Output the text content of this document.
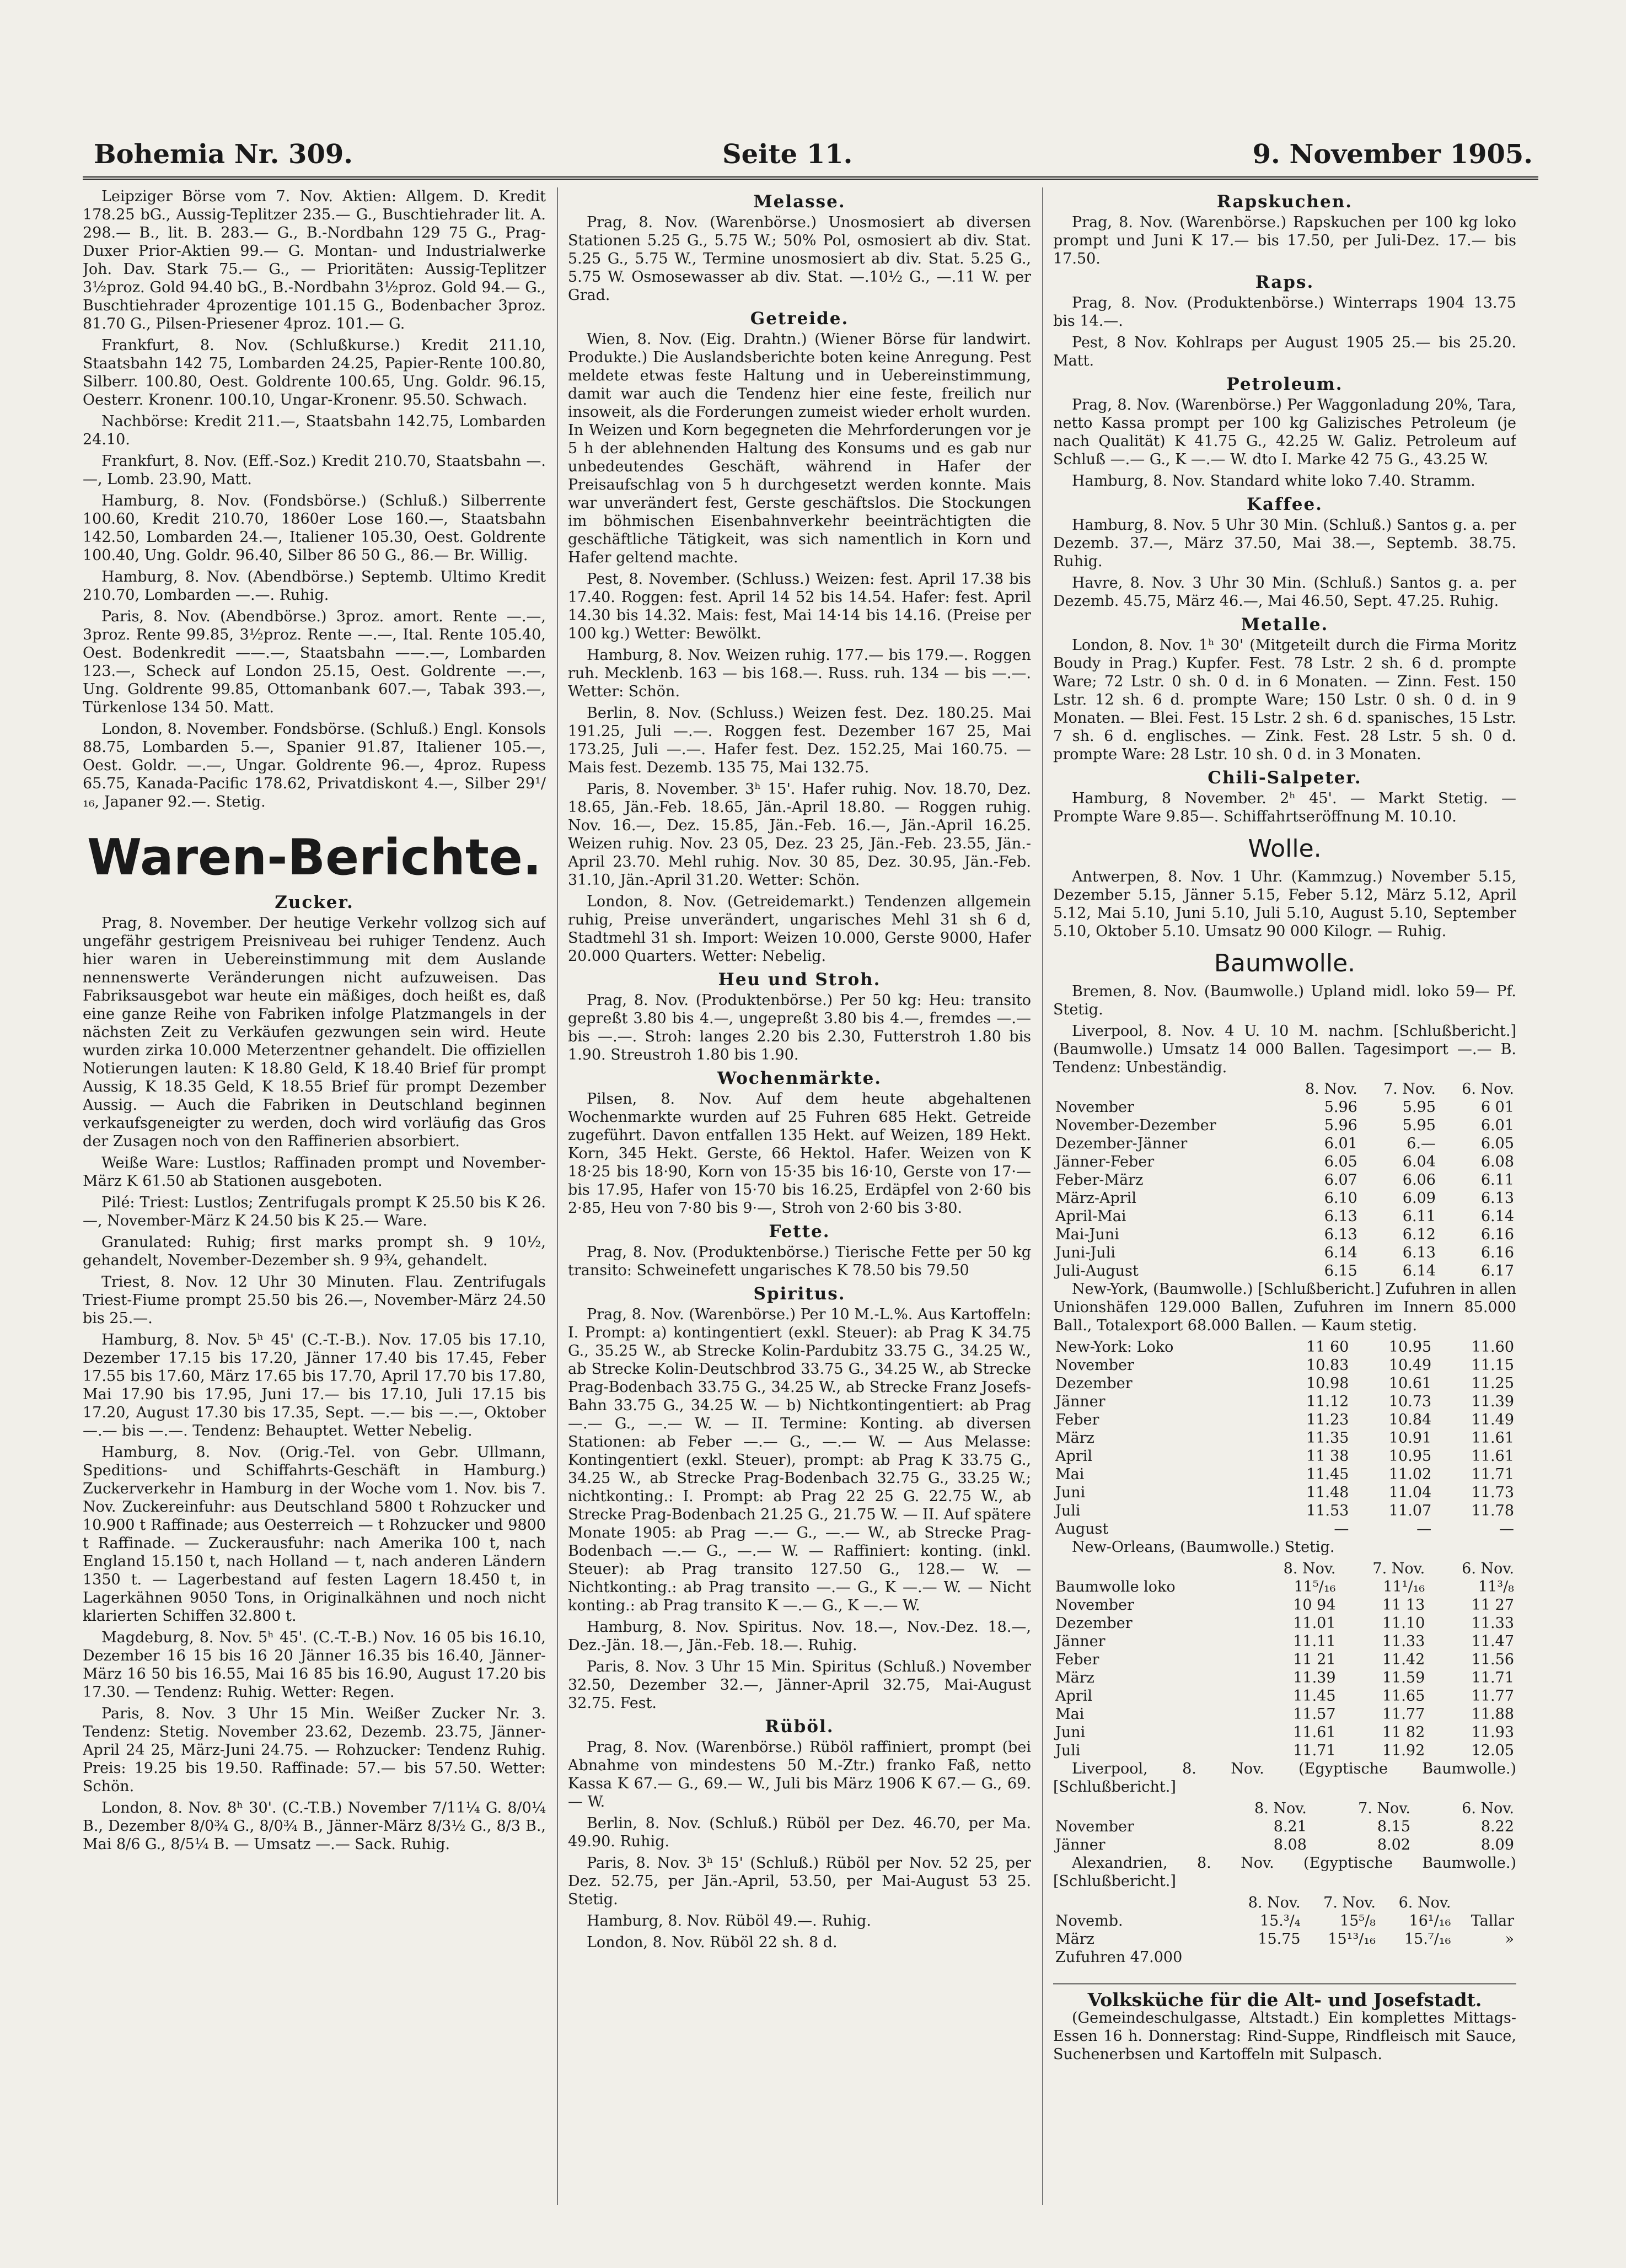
Bohemia Nr. 309.	Seite 11.	9. November 1905.

Leipziger Börse vom 7. Nov. Aktien: Allgem. D. Kredit 178.25 bG., Aussig-Teplitzer 235.— G., Buschtiehrader lit. A. 298.— B., lit. B. 283.— G., B.-Nordbahn 129 75 G., Prag-Duxer Prior-Aktien 99.— G. Montan- und Industrialwerke Joh. Dav. Stark 75.— G., — Prioritäten: Aussig-Teplitzer 3½proz. Gold 94.40 bG., B.-Nordbahn 3½proz. Gold 94.— G., Buschtiehrader 4prozentige 101.15 G., Bodenbacher 3proz. 81.70 G., Pilsen-Priesener 4proz. 101.— G.

Frankfurt, 8. Nov. (Schlußkurse.) Kredit 211.10, Staatsbahn 142 75, Lombarden 24.25, Papier-Rente 100.80, Silberr. 100.80, Oest. Goldrente 100.65, Ung. Goldr. 96.15, Oesterr. Kronenr. 100.10, Ungar-Kronenr. 95.50. Schwach.

Nachbörse: Kredit 211.—, Staatsbahn 142.75, Lombarden 24.10.

Frankfurt, 8. Nov. (Eff.-Soz.) Kredit 210.70, Staatsbahn —.—, Lomb. 23.90, Matt.

Hamburg, 8. Nov. (Fondsbörse.) (Schluß.) Silberrente 100.60, Kredit 210.70, 1860er Lose 160.—, Staatsbahn 142.50, Lombarden 24.—, Italiener 105.30, Oest. Goldrente 100.40, Ung. Goldr. 96.40, Silber 86 50 G., 86.— Br. Willig.

Hamburg, 8. Nov. (Abendbörse.) Septemb. Ultimo Kredit 210.70, Lombarden —.—. Ruhig.

Paris, 8. Nov. (Abendbörse.) 3proz. amort. Rente —.—, 3proz. Rente 99.85, 3½proz. Rente —.—, Ital. Rente 105.40, Oest. Bodenkredit ——.—, Staatsbahn ——.—, Lombarden 123.—, Scheck auf London 25.15, Oest. Goldrente —.—, Ung. Goldrente 99.85, Ottomanbank 607.—, Tabak 393.—, Türkenlose 134 50. Matt.

London, 8. November. Fondsbörse. (Schluß.) Engl. Konsols 88.75, Lombarden 5.—, Spanier 91.87, Italiener 105.—, Oest. Goldr. —.—, Ungar. Goldrente 96.—, 4proz. Rupess 65.75, Kanada-Pacific 178.62, Privatdiskont 4.—, Silber 29¹/₁₆, Japaner 92.—. Stetig.

Waren-Berichte.
Zucker.

Prag, 8. November. Der heutige Verkehr vollzog sich auf ungefähr gestrigem Preisniveau bei ruhiger Tendenz. Auch hier waren in Uebereinstimmung mit dem Auslande nennenswerte Veränderungen nicht aufzuweisen. Das Fabriksausgebot war heute ein mäßiges, doch heißt es, daß eine ganze Reihe von Fabriken infolge Platzmangels in der nächsten Zeit zu Verkäufen gezwungen sein wird. Heute wurden zirka 10.000 Meterzentner gehandelt. Die offiziellen Notierungen lauten: K 18.80 Geld, K 18.40 Brief für prompt Aussig, K 18.35 Geld, K 18.55 Brief für prompt Dezember Aussig. — Auch die Fabriken in Deutschland beginnen verkaufsgeneigter zu werden, doch wird vorläufig das Gros der Zusagen noch von den Raffinerien absorbiert.

Weiße Ware: Lustlos; Raffinaden prompt und November-März K 61.50 ab Stationen ausgeboten.

Pilé: Triest: Lustlos; Zentrifugals prompt K 25.50 bis K 26.—, November-März K 24.50 bis K 25.— Ware.

Granulated: Ruhig; first marks prompt sh. 9 10½, gehandelt, November-Dezember sh. 9 9¾, gehandelt.

Triest, 8. Nov. 12 Uhr 30 Minuten. Flau. Zentrifugals Triest-Fiume prompt 25.50 bis 26.—, November-März 24.50 bis 25.—.

Hamburg, 8. Nov. 5ʰ 45' (C.-T.-B.). Nov. 17.05 bis 17.10, Dezember 17.15 bis 17.20, Jänner 17.40 bis 17.45, Feber 17.55 bis 17.60, März 17.65 bis 17.70, April 17.70 bis 17.80, Mai 17.90 bis 17.95, Juni 17.— bis 17.10, Juli 17.15 bis 17.20, August 17.30 bis 17.35, Sept. —.— bis —.—, Oktober —.— bis —.—. Tendenz: Behauptet. Wetter Nebelig.

Hamburg, 8. Nov. (Orig.-Tel. von Gebr. Ullmann, Speditions- und Schiffahrts-Geschäft in Hamburg.) Zuckerverkehr in Hamburg in der Woche vom 1. Nov. bis 7. Nov. Zuckereinfuhr: aus Deutschland 5800 t Rohzucker und 10.900 t Raffinade; aus Oesterreich — t Rohzucker und 9800 t Raffinade. — Zuckerausfuhr: nach Amerika 100 t, nach England 15.150 t, nach Holland — t, nach anderen Ländern 1350 t. — Lagerbestand auf festen Lagern 18.450 t, in Lagerkähnen 9050 Tons, in Originalkähnen und noch nicht klarierten Schiffen 32.800 t.

Magdeburg, 8. Nov. 5ʰ 45'. (C.-T.-B.) Nov. 16 05 bis 16.10, Dezember 16 15 bis 16 20 Jänner 16.35 bis 16.40, Jänner-März 16 50 bis 16.55, Mai 16 85 bis 16.90, August 17.20 bis 17.30. — Tendenz: Ruhig. Wetter: Regen.

Paris, 8. Nov. 3 Uhr 15 Min. Weißer Zucker Nr. 3. Tendenz: Stetig. November 23.62, Dezemb. 23.75, Jänner-April 24 25, März-Juni 24.75. — Rohzucker: Tendenz Ruhig. Preis: 19.25 bis 19.50. Raffinade: 57.— bis 57.50. Wetter: Schön.

London, 8. Nov. 8ʰ 30'. (C.-T.B.) November 7/11¼ G. 8/0¼ B., Dezember 8/0¾ G., 8/0¾ B., Jänner-März 8/3½ G., 8/3 B., Mai 8/6 G., 8/5¼ B. — Umsatz —.— Sack. Ruhig.

Melasse.

Prag, 8. Nov. (Warenbörse.) Unosmosiert ab diversen Stationen 5.25 G., 5.75 W.; 50% Pol, osmosiert ab div. Stat. 5.25 G., 5.75 W., Termine unosmosiert ab div. Stat. 5.25 G., 5.75 W. Osmosewasser ab div. Stat. —.10½ G., —.11 W. per Grad.

Getreide.

Wien, 8. Nov. (Eig. Drahtn.) (Wiener Börse für landwirt. Produkte.) Die Auslandsberichte boten keine Anregung. Pest meldete etwas feste Haltung und in Uebereinstimmung, damit war auch die Tendenz hier eine feste, freilich nur insoweit, als die Forderungen zumeist wieder erholt wurden. In Weizen und Korn begegneten die Mehrforderungen vor je 5 h der ablehnenden Haltung des Konsums und es gab nur unbedeutendes Geschäft, während in Hafer der Preisaufschlag von 5 h durchgesetzt werden konnte. Mais war unverändert fest, Gerste geschäftslos. Die Stockungen im böhmischen Eisenbahnverkehr beeinträchtigten die geschäftliche Tätigkeit, was sich namentlich in Korn und Hafer geltend machte.

Pest, 8. November. (Schluss.) Weizen: fest. April 17.38 bis 17.40. Roggen: fest. April 14 52 bis 14.54. Hafer: fest. April 14.30 bis 14.32. Mais: fest, Mai 14·14 bis 14.16. (Preise per 100 kg.) Wetter: Bewölkt.

Hamburg, 8. Nov. Weizen ruhig. 177.— bis 179.—. Roggen ruh. Mecklenb. 163 — bis 168.—. Russ. ruh. 134 — bis —.—. Wetter: Schön.

Berlin, 8. Nov. (Schluss.) Weizen fest. Dez. 180.25. Mai 191.25, Juli —.—. Roggen fest. Dezember 167 25, Mai 173.25, Juli —.—. Hafer fest. Dez. 152.25, Mai 160.75. — Mais fest. Dezemb. 135 75, Mai 132.75.

Paris, 8. November. 3ʰ 15'. Hafer ruhig. Nov. 18.70, Dez. 18.65, Jän.-Feb. 18.65, Jän.-April 18.80. — Roggen ruhig. Nov. 16.—, Dez. 15.85, Jän.-Feb. 16.—, Jän.-April 16.25. Weizen ruhig. Nov. 23 05, Dez. 23 25, Jän.-Feb. 23.55, Jän.-April 23.70. Mehl ruhig. Nov. 30 85, Dez. 30.95, Jän.-Feb. 31.10, Jän.-April 31.20. Wetter: Schön.

London, 8. Nov. (Getreidemarkt.) Tendenzen allgemein ruhig, Preise unverändert, ungarisches Mehl 31 sh 6 d, Stadtmehl 31 sh. Import: Weizen 10.000, Gerste 9000, Hafer 20.000 Quarters. Wetter: Nebelig.

Heu und Stroh.

Prag, 8. Nov. (Produktenbörse.) Per 50 kg: Heu: transito gepreßt 3.80 bis 4.—, ungepreßt 3.80 bis 4.—, fremdes —.— bis —.—. Stroh: langes 2.20 bis 2.30, Futterstroh 1.80 bis 1.90. Streustroh 1.80 bis 1.90.

Wochenmärkte.

Pilsen, 8. Nov. Auf dem heute abgehaltenen Wochenmarkte wurden auf 25 Fuhren 685 Hekt. Getreide zugeführt. Davon entfallen 135 Hekt. auf Weizen, 189 Hekt. Korn, 345 Hekt. Gerste, 66 Hektol. Hafer. Weizen von K 18·25 bis 18·90, Korn von 15·35 bis 16·10, Gerste von 17·— bis 17.95, Hafer von 15·70 bis 16.25, Erdäpfel von 2·60 bis 2·85, Heu von 7·80 bis 9·—, Stroh von 2·60 bis 3·80.

Fette.

Prag, 8. Nov. (Produktenbörse.) Tierische Fette per 50 kg transito: Schweinefett ungarisches K 78.50 bis 79.50

Spiritus.

Prag, 8. Nov. (Warenbörse.) Per 10 M.-L.%. Aus Kartoffeln: I. Prompt: a) kontingentiert (exkl. Steuer): ab Prag K 34.75 G., 35.25 W., ab Strecke Kolin-Pardubitz 33.75 G., 34.25 W., ab Strecke Kolin-Deutschbrod 33.75 G., 34.25 W., ab Strecke Prag-Bodenbach 33.75 G., 34.25 W., ab Strecke Franz Josefs-Bahn 33.75 G., 34.25 W. — b) Nichtkontingentiert: ab Prag —.— G., —.— W. — II. Termine: Konting. ab diversen Stationen: ab Feber —.— G., —.— W. — Aus Melasse: Kontingentiert (exkl. Steuer), prompt: ab Prag K 33.75 G., 34.25 W., ab Strecke Prag-Bodenbach 32.75 G., 33.25 W.; nichtkonting.: I. Prompt: ab Prag 22 25 G. 22.75 W., ab Strecke Prag-Bodenbach 21.25 G., 21.75 W. — II. Auf spätere Monate 1905: ab Prag —.— G., —.— W., ab Strecke Prag-Bodenbach —.— G., —.— W. — Raffiniert: konting. (inkl. Steuer): ab Prag transito 127.50 G., 128.— W. — Nichtkonting.: ab Prag transito —.— G., K —.— W. — Nicht konting.: ab Prag transito K —.— G., K —.— W.

Hamburg, 8. Nov. Spiritus. Nov. 18.—, Nov.-Dez. 18.—, Dez.-Jän. 18.—, Jän.-Feb. 18.—. Ruhig.

Paris, 8. Nov. 3 Uhr 15 Min. Spiritus (Schluß.) November 32.50, Dezember 32.—, Jänner-April 32.75, Mai-August 32.75. Fest.

Rüböl.

Prag, 8. Nov. (Warenbörse.) Rüböl raffiniert, prompt (bei Abnahme von mindestens 50 M.-Ztr.) franko Faß, netto Kassa K 67.— G., 69.— W., Juli bis März 1906 K 67.— G., 69.— W.

Berlin, 8. Nov. (Schluß.) Rüböl per Dez. 46.70, per Ma. 49.90. Ruhig.

Paris, 8. Nov. 3ʰ 15' (Schluß.) Rüböl per Nov. 52 25, per Dez. 52.75, per Jän.-April, 53.50, per Mai-August 53 25. Stetig.

Hamburg, 8. Nov. Rüböl 49.—. Ruhig.

London, 8. Nov. Rüböl 22 sh. 8 d.

Rapskuchen.

Prag, 8. Nov. (Warenbörse.) Rapskuchen per 100 kg loko prompt und Juni K 17.— bis 17.50, per Juli-Dez. 17.— bis 17.50.

Raps.

Prag, 8. Nov. (Produktenbörse.) Winterraps 1904 13.75 bis 14.—.

Pest, 8 Nov. Kohlraps per August 1905 25.— bis 25.20. Matt.

Petroleum.

Prag, 8. Nov. (Warenbörse.) Per Waggonladung 20%, Tara, netto Kassa prompt per 100 kg Galizisches Petroleum (je nach Qualität) K 41.75 G., 42.25 W. Galiz. Petroleum auf Schluß —.— G., K —.— W. dto I. Marke 42 75 G., 43.25 W.

Hamburg, 8. Nov. Standard white loko 7.40. Stramm.

Kaffee.

Hamburg, 8. Nov. 5 Uhr 30 Min. (Schluß.) Santos g. a. per Dezemb. 37.—, März 37.50, Mai 38.—, Septemb. 38.75. Ruhig.

Havre, 8. Nov. 3 Uhr 30 Min. (Schluß.) Santos g. a. per Dezemb. 45.75, März 46.—, Mai 46.50, Sept. 47.25. Ruhig.

Metalle.

London, 8. Nov. 1ʰ 30' (Mitgeteilt durch die Firma Moritz Boudy in Prag.) Kupfer. Fest. 78 Lstr. 2 sh. 6 d. prompte Ware; 72 Lstr. 0 sh. 0 d. in 6 Monaten. — Zinn. Fest. 150 Lstr. 12 sh. 6 d. prompte Ware; 150 Lstr. 0 sh. 0 d. in 9 Monaten. — Blei. Fest. 15 Lstr. 2 sh. 6 d. spanisches, 15 Lstr. 7 sh. 6 d. englisches. — Zink. Fest. 28 Lstr. 5 sh. 0 d. prompte Ware: 28 Lstr. 10 sh. 0 d. in 3 Monaten.

Chili-Salpeter.

Hamburg, 8 November. 2ʰ 45'. — Markt Stetig. — Prompte Ware 9.85—. Schiffahrtseröffnung M. 10.10.

Wolle.

Antwerpen, 8. Nov. 1 Uhr. (Kammzug.) November 5.15, Dezember 5.15, Jänner 5.15, Feber 5.12, März 5.12, April 5.12, Mai 5.10, Juni 5.10, Juli 5.10, August 5.10, September 5.10, Oktober 5.10. Umsatz 90 000 Kilogr. — Ruhig.

Baumwolle.

Bremen, 8. Nov. (Baumwolle.) Upland midl. loko 59— Pf. Stetig.

Liverpool, 8. Nov. 4 U. 10 M. nachm. [Schlußbericht.] (Baumwolle.) Umsatz 14 000 Ballen. Tagesimport —.— B. Tendenz: Unbeständig.

	8. Nov.	7. Nov.	6. Nov.
November	5.96	5.95	6 01
November-Dezember	5.96	5.95	6.01
Dezember-Jänner	6.01	6.—	6.05
Jänner-Feber	6.05	6.04	6.08
Feber-März	6.07	6.06	6.11
März-April	6.10	6.09	6.13
April-Mai	6.13	6.11	6.14
Mai-Juni	6.13	6.12	6.16
Juni-Juli	6.14	6.13	6.16
Juli-August	6.15	6.14	6.17

New-York, (Baumwolle.) [Schlußbericht.] Zufuhren in allen Unionshäfen 129.000 Ballen, Zufuhren im Innern 85.000 Ball., Totalexport 68.000 Ballen. — Kaum stetig.

New-York: Loko	11 60	10.95	11.60
November	10.83	10.49	11.15
Dezember	10.98	10.61	11.25
Jänner	11.12	10.73	11.39
Feber	11.23	10.84	11.49
März	11.35	10.91	11.61
April	11 38	10.95	11.61
Mai	11.45	11.02	11.71
Juni	11.48	11.04	11.73
Juli	11.53	11.07	11.78
August	—	—	—

New-Orleans, (Baumwolle.) Stetig.

	8. Nov.	7. Nov.	6. Nov.
Baumwolle loko	11⁵/₁₆	11¹/₁₆	11³/₈
November	10 94	11 13	11 27
Dezember	11.01	11.10	11.33
Jänner	11.11	11.33	11.47
Feber	11 21	11.42	11.56
März	11.39	11.59	11.71
April	11.45	11.65	11.77
Mai	11.57	11.77	11.88
Juni	11.61	11 82	11.93
Juli	11.71	11.92	12.05

Liverpool, 8. Nov. (Egyptische Baumwolle.) [Schlußbericht.]

	8. Nov.	7. Nov.	6. Nov.
November	8.21	8.15	8.22
Jänner	8.08	8.02	8.09

Alexandrien, 8. Nov. (Egyptische Baumwolle.) [Schlußbericht.]

	8. Nov.	7. Nov.	6. Nov.	
Novemb.	15.³/₄	15⁵/₈	16¹/₁₆	Tallar
März	15.75	15¹³/₁₆	15.⁷/₁₆	»
Zufuhren 47.000				
Volksküche für die Alt- und Josefstadt.

(Gemeindeschulgasse, Altstadt.) Ein komplettes Mittags-Essen 16 h. Donnerstag: Rind-Suppe, Rindfleisch mit Sauce, Suchenerbsen und Kartoffeln mit Sulpasch.
